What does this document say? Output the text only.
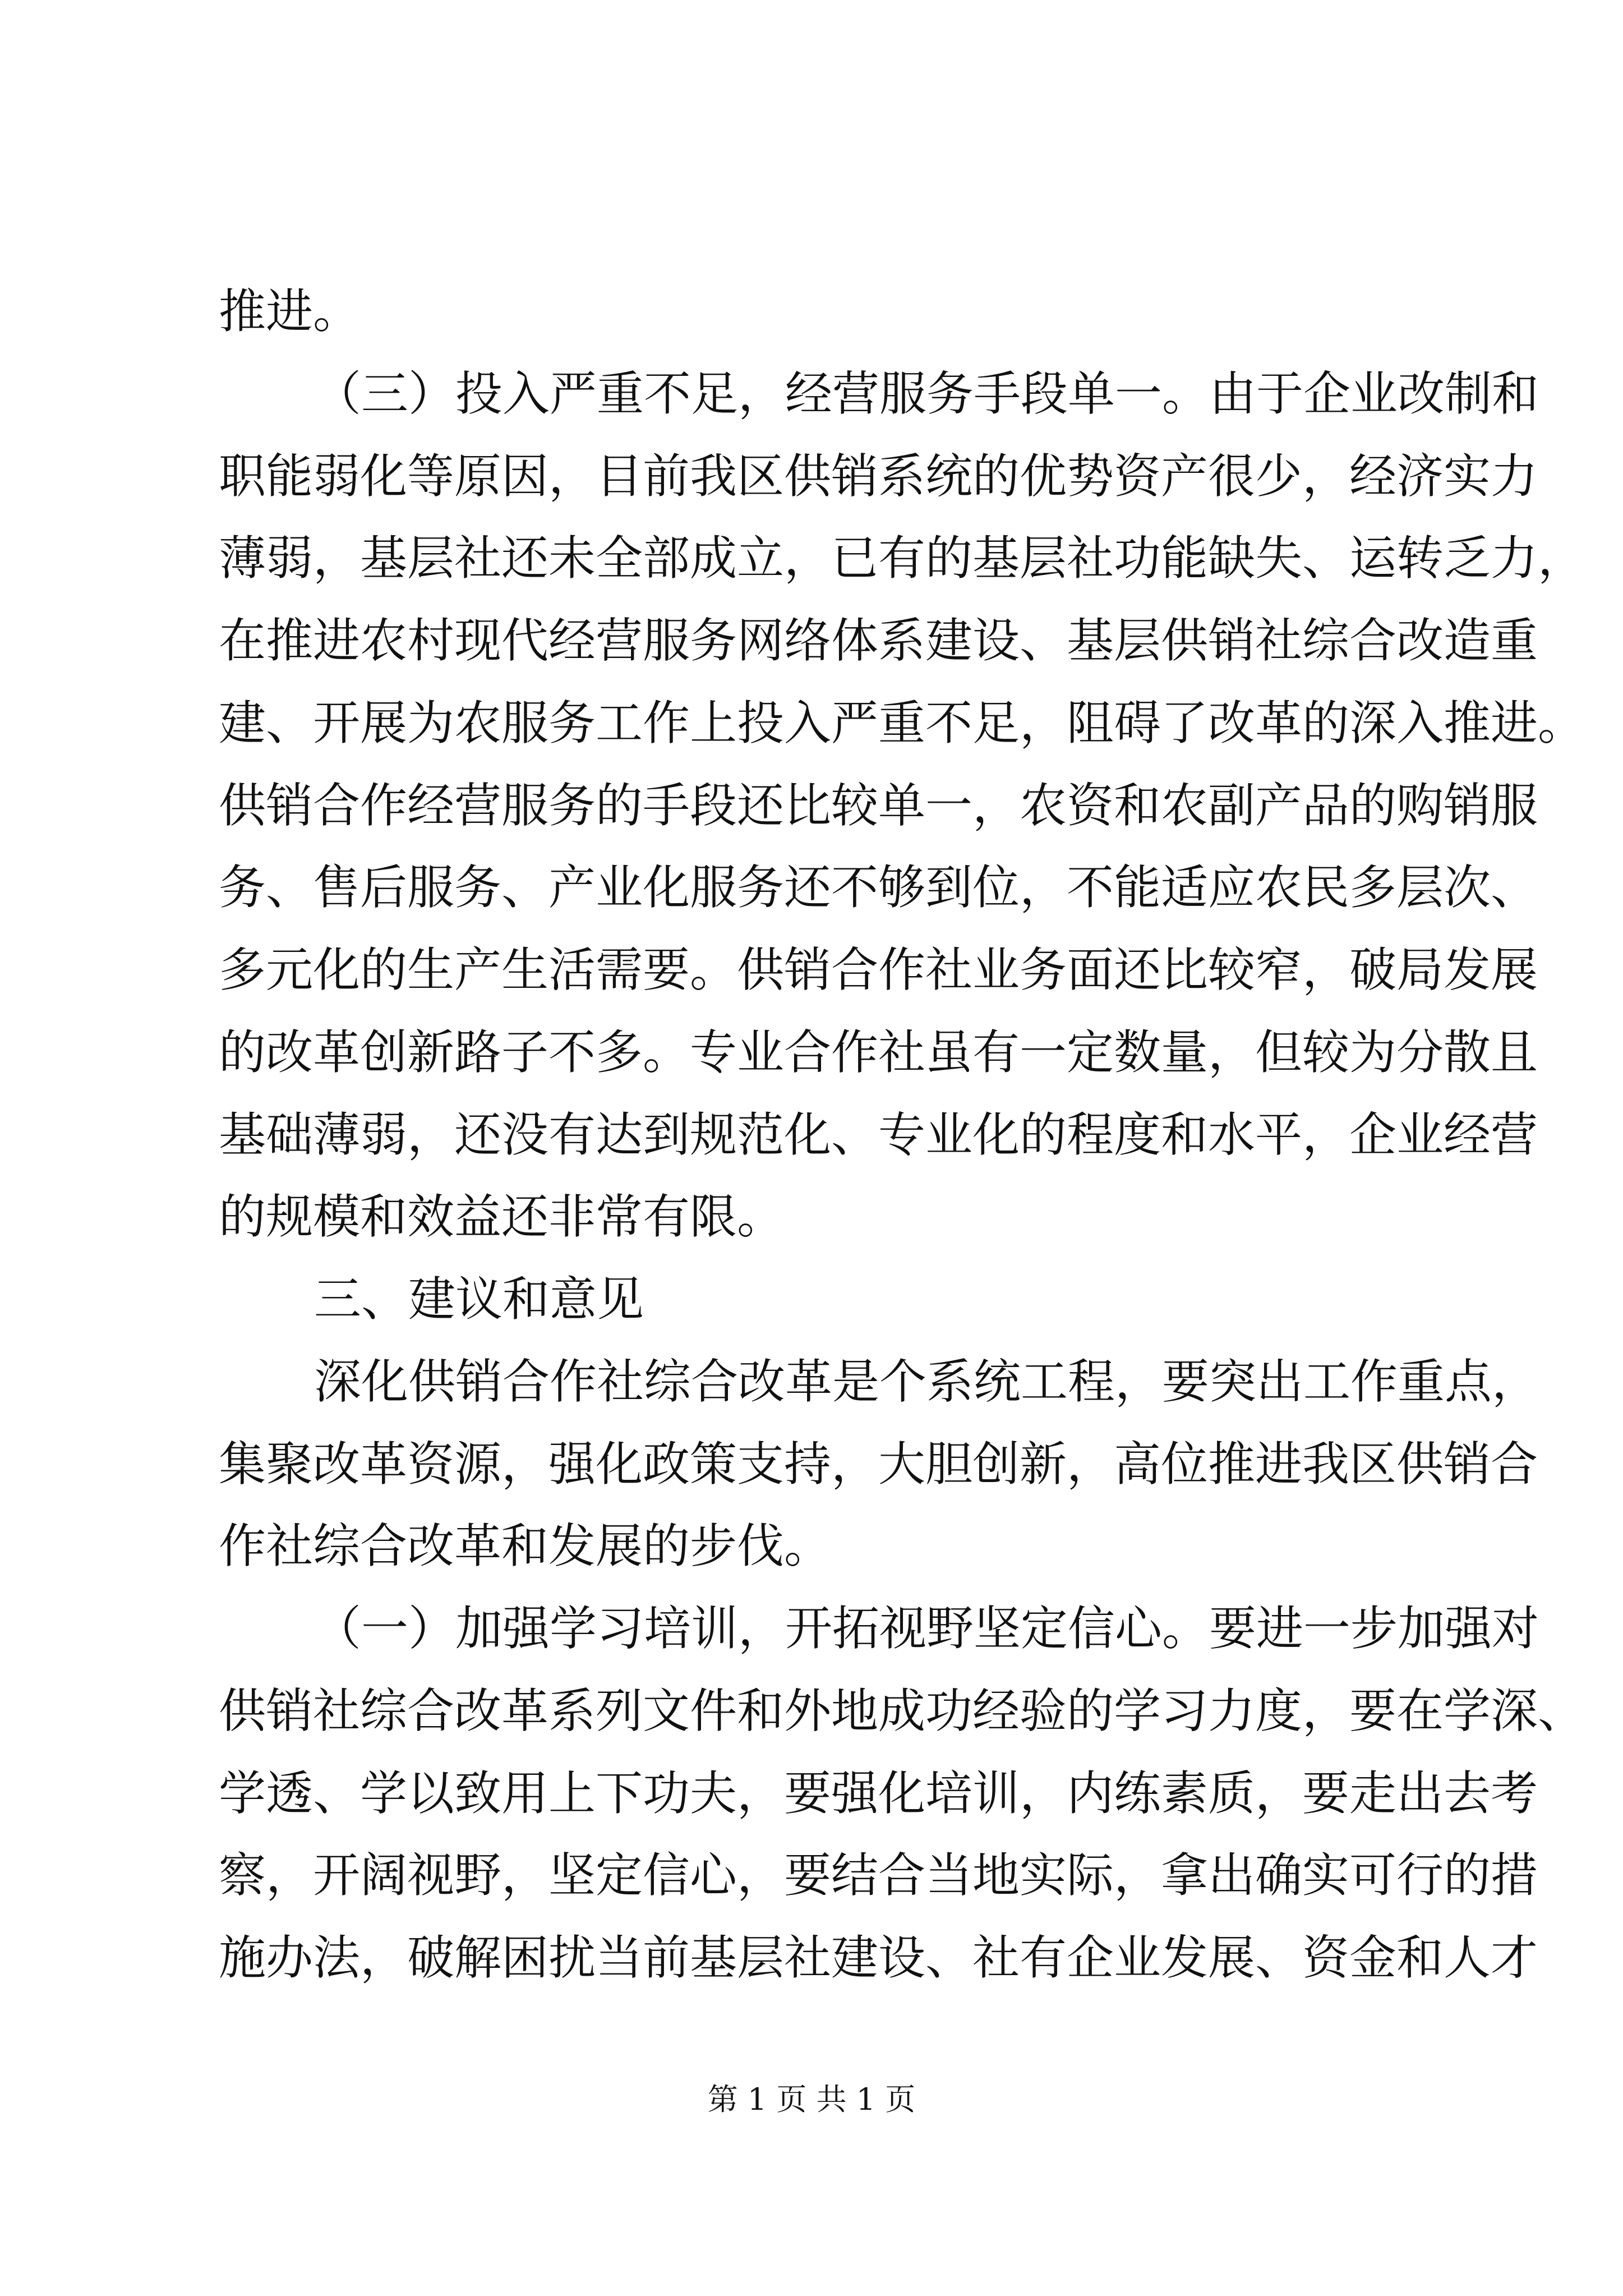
推进。
（三）投入严重不足，经营服务手段单一。由于企业改制和
职能弱化等原因，目前我区供销系统的优势资产很少，经济实力
薄弱，基层社还未全部成立，已有的基层社功能缺失、运转乏力，
在推进农村现代经营服务网络体系建设、基层供销社综合改造重
建、开展为农服务工作上投入严重不足，阻碍了改革的深入推进。
供销合作经营服务的手段还比较单一，农资和农副产品的购销服
务、售后服务、产业化服务还不够到位，不能适应农民多层次、
多元化的生产生活需要。供销合作社业务面还比较窄，破局发展
的改革创新路子不多。专业合作社虽有一定数量，但较为分散且
基础薄弱，还没有达到规范化、专业化的程度和水平，企业经营
的规模和效益还非常有限。
三、建议和意见
深化供销合作社综合改革是个系统工程，要突出工作重点，
集聚改革资源，强化政策支持，大胆创新，高位推进我区供销合
作社综合改革和发展的步伐。
（一）加强学习培训，开拓视野坚定信心。要进一步加强对
供销社综合改革系列文件和外地成功经验的学习力度，要在学深、
学透、学以致用上下功夫，要强化培训，内练素质，要走出去考
察，开阔视野，坚定信心，要结合当地实际，拿出确实可行的措
施办法，破解困扰当前基层社建设、社有企业发展、资金和人才
第 1 页 共 1 页
